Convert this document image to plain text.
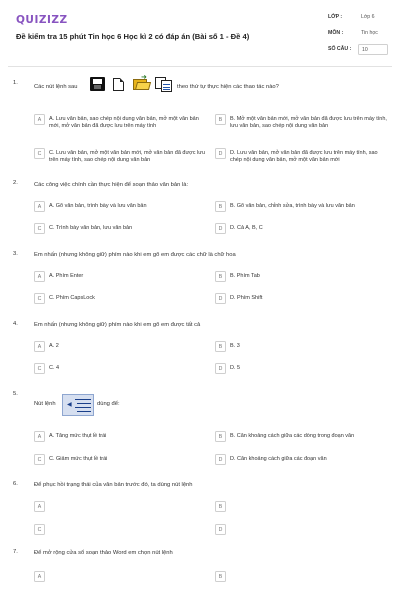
QUIZIZZ
Đề kiểm tra 15 phút Tin học 6 Học kì 2 có đáp án (Bài số 1 - Đề 4)
LỚP :	Lớp 6
MÔN :	Tin học
SỐ CÂU :	10
1.
Các nút lệnh sau
➜
theo thứ tự thực hiện các thao tác nào?
A	A. Lưu văn bản, sao chép nội dung văn bản, mở một văn bản mới, mở văn bản đã được lưu trên máy tính
B	B. Mở một văn bản mới, mở văn bản đã được lưu trên máy tính, lưu văn bản, sao chép nội dung văn bản
C	C. Lưu văn bản, mở một văn bản mới, mở văn bản đã được lưu trên máy tính, sao chép nội dung văn bản
D	D. Lưu văn bản, mở văn bản đã được lưu trên máy tính, sao chép nội dung văn bản, mở một văn bản mới
2.	Các công việc chính cần thực hiện để soạn thảo văn bản là:
A	A. Gõ văn bản, trình bày và lưu văn bản	B	B. Gõ văn bản, chỉnh sửa, trình bày và lưu văn bản
C	C. Trình bày văn bản, lưu văn bản	D	D. Cả A, B, C
3.	Em nhấn (nhưng không giữ) phím nào khi em gõ em được các chữ là chữ hoa
A	A. Phím Enter	B	B. Phím Tab
C	C. Phím CapsLock	D	D. Phím Shift
4.	Em nhấn (nhưng không giữ) phím nào khi em gõ em được tất cả
A	A. 2	B	B. 3
C	C. 4	D	D. 5
5.
Nút lệnh ◀	dùng để:
A	A. Tăng mức thụt lề trái	B	B. Căn khoảng cách giữa các dòng trong đoạn văn
C	C. Giảm mức thụt lề trái	D	D. Căn khoảng cách giữa các đoạn văn
6.	Để phục hồi trạng thái của văn bản trước đó, ta dùng nút lệnh
A	B
C	D
7.	Để mở rộng cửa sổ soạn thảo Word em chọn nút lệnh
A	B
